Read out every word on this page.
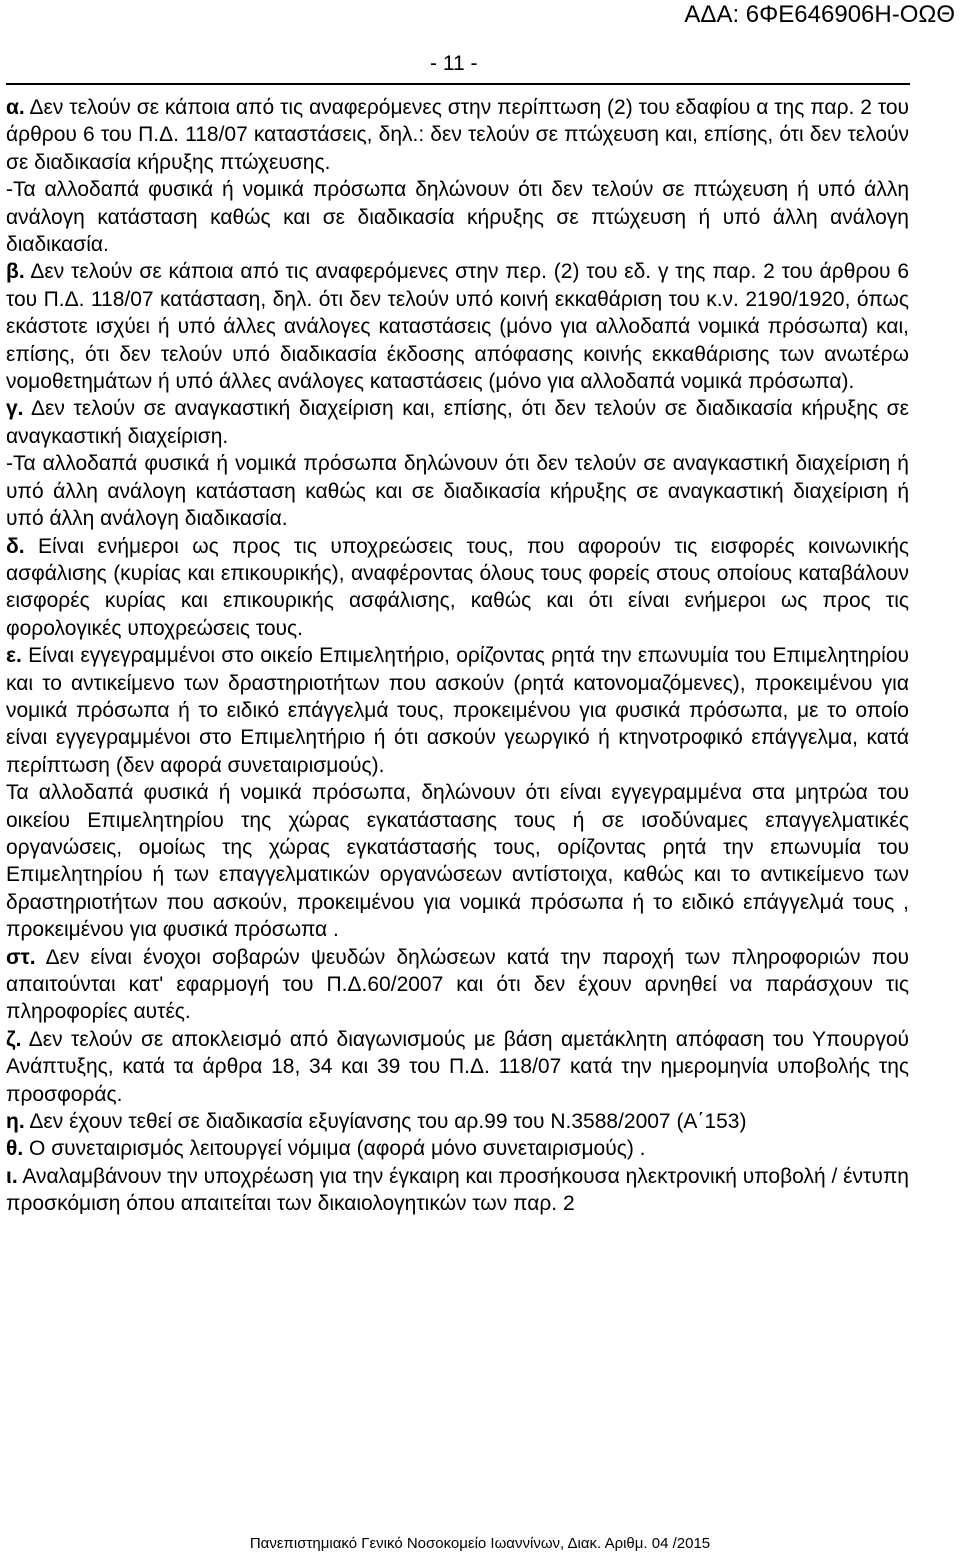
ΑΔΑ: 6ΦΕ646906Η-ΟΩΘ
- 11 -

α. Δεν τελούν σε κάποια από τις αναφερόμενες στην περίπτωση (2) του εδαφίου α της παρ. 2 του άρθρου 6 του Π.Δ. 118/07 καταστάσεις, δηλ.: δεν τελούν σε πτώχευση και, επίσης, ότι δεν τελούν σε διαδικασία κήρυξης πτώχευσης.

-Τα αλλοδαπά φυσικά ή νομικά πρόσωπα δηλώνουν ότι δεν τελούν σε πτώχευση ή υπό άλλη ανάλογη κατάσταση καθώς και σε διαδικασία κήρυξης σε πτώχευση ή υπό άλλη ανάλογη διαδικασία.

β. Δεν τελούν σε κάποια από τις αναφερόμενες στην περ. (2) του εδ. γ της παρ. 2 του άρθρου 6 του Π.Δ. 118/07 κατάσταση, δηλ. ότι δεν τελούν υπό κοινή εκκαθάριση του κ.ν. 2190/1920, όπως εκάστοτε ισχύει ή υπό άλλες ανάλογες καταστάσεις (μόνο για αλλοδαπά νομικά πρόσωπα) και, επίσης, ότι δεν τελούν υπό διαδικασία έκδοσης απόφασης κοινής εκκαθάρισης των ανωτέρω νομοθετημάτων ή υπό άλλες ανάλογες καταστάσεις (μόνο για αλλοδαπά νομικά πρόσωπα).

γ. Δεν τελούν σε αναγκαστική διαχείριση και, επίσης, ότι δεν τελούν σε διαδικασία κήρυξης σε αναγκαστική διαχείριση.

-Τα αλλοδαπά φυσικά ή νομικά πρόσωπα δηλώνουν ότι δεν τελούν σε αναγκαστική διαχείριση ή υπό άλλη ανάλογη κατάσταση καθώς και σε διαδικασία κήρυξης σε αναγκαστική διαχείριση ή υπό άλλη ανάλογη διαδικασία.

δ. Είναι ενήμεροι ως προς τις υποχρεώσεις τους, που αφορούν τις εισφορές κοινωνικής ασφάλισης (κυρίας και επικουρικής), αναφέροντας όλους τους φορείς στους οποίους καταβάλουν εισφορές κυρίας και επικουρικής ασφάλισης, καθώς και ότι είναι ενήμεροι ως προς τις φορολογικές υποχρεώσεις τους.

ε. Είναι εγγεγραμμένοι στο οικείο Επιμελητήριο, ορίζοντας ρητά την επωνυμία του Επιμελητηρίου και το αντικείμενο των δραστηριοτήτων που ασκούν (ρητά κατονομαζόμενες), προκειμένου για νομικά πρόσωπα ή το ειδικό επάγγελμά τους, προκειμένου για φυσικά πρόσωπα, με το οποίο είναι εγγεγραμμένοι στο Επιμελητήριο ή ότι ασκούν γεωργικό ή κτηνοτροφικό επάγγελμα, κατά περίπτωση (δεν αφορά συνεταιρισμούς).

Τα αλλοδαπά φυσικά ή νομικά πρόσωπα, δηλώνουν ότι είναι εγγεγραμμένα στα μητρώα του οικείου Επιμελητηρίου της χώρας εγκατάστασης τους ή σε ισοδύναμες επαγγελματικές οργανώσεις, ομοίως της χώρας εγκατάστασής τους, ορίζοντας ρητά την επωνυμία του Επιμελητηρίου ή των επαγγελματικών οργανώσεων αντίστοιχα, καθώς και το αντικείμενο των δραστηριοτήτων που ασκούν, προκειμένου για νομικά πρόσωπα ή το ειδικό επάγγελμά τους , προκειμένου για φυσικά πρόσωπα .

στ. Δεν είναι ένοχοι σοβαρών ψευδών δηλώσεων κατά την παροχή των πληροφοριών που απαιτούνται κατ' εφαρμογή του Π.Δ.60/2007 και ότι δεν έχουν αρνηθεί να παράσχουν τις πληροφορίες αυτές.

ζ. Δεν τελούν σε αποκλεισμό από διαγωνισμούς με βάση αμετάκλητη απόφαση του Υπουργού Ανάπτυξης, κατά τα άρθρα 18, 34 και 39 του Π.Δ. 118/07 κατά την ημερομηνία υποβολής της προσφοράς.

η. Δεν έχουν τεθεί σε διαδικασία εξυγίανσης του αρ.99 του Ν.3588/2007 (Α΄153)

θ. Ο συνεταιρισμός λειτουργεί νόμιμα (αφορά μόνο συνεταιρισμούς) .

ι. Αναλαμβάνουν την υποχρέωση για την έγκαιρη και προσήκουσα ηλεκτρονική υποβολή / έντυπη προσκόμιση όπου απαιτείται των δικαιολογητικών των παρ. 2

Πανεπιστημιακό Γενικό Νοσοκομείο Ιωαννίνων, Διακ. Αριθμ. 04 /2015
